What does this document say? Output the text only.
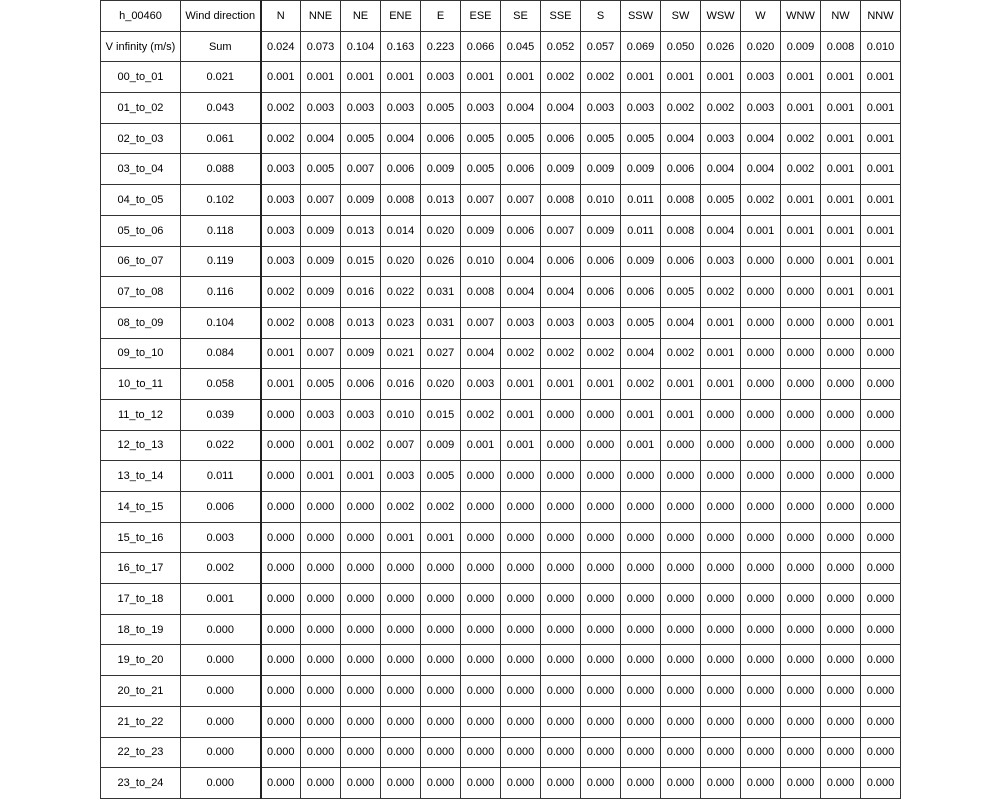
h_00460	Wind direction	N	NNE	NE	ENE	E	ESE	SE	SSE	S	SSW	SW	WSW	W	WNW	NW	NNW
V infinity (m/s)	Sum	0.024	0.073	0.104	0.163	0.223	0.066	0.045	0.052	0.057	0.069	0.050	0.026	0.020	0.009	0.008	0.010
00_to_01	0.021	0.001	0.001	0.001	0.001	0.003	0.001	0.001	0.002	0.002	0.001	0.001	0.001	0.003	0.001	0.001	0.001
01_to_02	0.043	0.002	0.003	0.003	0.003	0.005	0.003	0.004	0.004	0.003	0.003	0.002	0.002	0.003	0.001	0.001	0.001
02_to_03	0.061	0.002	0.004	0.005	0.004	0.006	0.005	0.005	0.006	0.005	0.005	0.004	0.003	0.004	0.002	0.001	0.001
03_to_04	0.088	0.003	0.005	0.007	0.006	0.009	0.005	0.006	0.009	0.009	0.009	0.006	0.004	0.004	0.002	0.001	0.001
04_to_05	0.102	0.003	0.007	0.009	0.008	0.013	0.007	0.007	0.008	0.010	0.011	0.008	0.005	0.002	0.001	0.001	0.001
05_to_06	0.118	0.003	0.009	0.013	0.014	0.020	0.009	0.006	0.007	0.009	0.011	0.008	0.004	0.001	0.001	0.001	0.001
06_to_07	0.119	0.003	0.009	0.015	0.020	0.026	0.010	0.004	0.006	0.006	0.009	0.006	0.003	0.000	0.000	0.001	0.001
07_to_08	0.116	0.002	0.009	0.016	0.022	0.031	0.008	0.004	0.004	0.006	0.006	0.005	0.002	0.000	0.000	0.001	0.001
08_to_09	0.104	0.002	0.008	0.013	0.023	0.031	0.007	0.003	0.003	0.003	0.005	0.004	0.001	0.000	0.000	0.000	0.001
09_to_10	0.084	0.001	0.007	0.009	0.021	0.027	0.004	0.002	0.002	0.002	0.004	0.002	0.001	0.000	0.000	0.000	0.000
10_to_11	0.058	0.001	0.005	0.006	0.016	0.020	0.003	0.001	0.001	0.001	0.002	0.001	0.001	0.000	0.000	0.000	0.000
11_to_12	0.039	0.000	0.003	0.003	0.010	0.015	0.002	0.001	0.000	0.000	0.001	0.001	0.000	0.000	0.000	0.000	0.000
12_to_13	0.022	0.000	0.001	0.002	0.007	0.009	0.001	0.001	0.000	0.000	0.001	0.000	0.000	0.000	0.000	0.000	0.000
13_to_14	0.011	0.000	0.001	0.001	0.003	0.005	0.000	0.000	0.000	0.000	0.000	0.000	0.000	0.000	0.000	0.000	0.000
14_to_15	0.006	0.000	0.000	0.000	0.002	0.002	0.000	0.000	0.000	0.000	0.000	0.000	0.000	0.000	0.000	0.000	0.000
15_to_16	0.003	0.000	0.000	0.000	0.001	0.001	0.000	0.000	0.000	0.000	0.000	0.000	0.000	0.000	0.000	0.000	0.000
16_to_17	0.002	0.000	0.000	0.000	0.000	0.000	0.000	0.000	0.000	0.000	0.000	0.000	0.000	0.000	0.000	0.000	0.000
17_to_18	0.001	0.000	0.000	0.000	0.000	0.000	0.000	0.000	0.000	0.000	0.000	0.000	0.000	0.000	0.000	0.000	0.000
18_to_19	0.000	0.000	0.000	0.000	0.000	0.000	0.000	0.000	0.000	0.000	0.000	0.000	0.000	0.000	0.000	0.000	0.000
19_to_20	0.000	0.000	0.000	0.000	0.000	0.000	0.000	0.000	0.000	0.000	0.000	0.000	0.000	0.000	0.000	0.000	0.000
20_to_21	0.000	0.000	0.000	0.000	0.000	0.000	0.000	0.000	0.000	0.000	0.000	0.000	0.000	0.000	0.000	0.000	0.000
21_to_22	0.000	0.000	0.000	0.000	0.000	0.000	0.000	0.000	0.000	0.000	0.000	0.000	0.000	0.000	0.000	0.000	0.000
22_to_23	0.000	0.000	0.000	0.000	0.000	0.000	0.000	0.000	0.000	0.000	0.000	0.000	0.000	0.000	0.000	0.000	0.000
23_to_24	0.000	0.000	0.000	0.000	0.000	0.000	0.000	0.000	0.000	0.000	0.000	0.000	0.000	0.000	0.000	0.000	0.000
